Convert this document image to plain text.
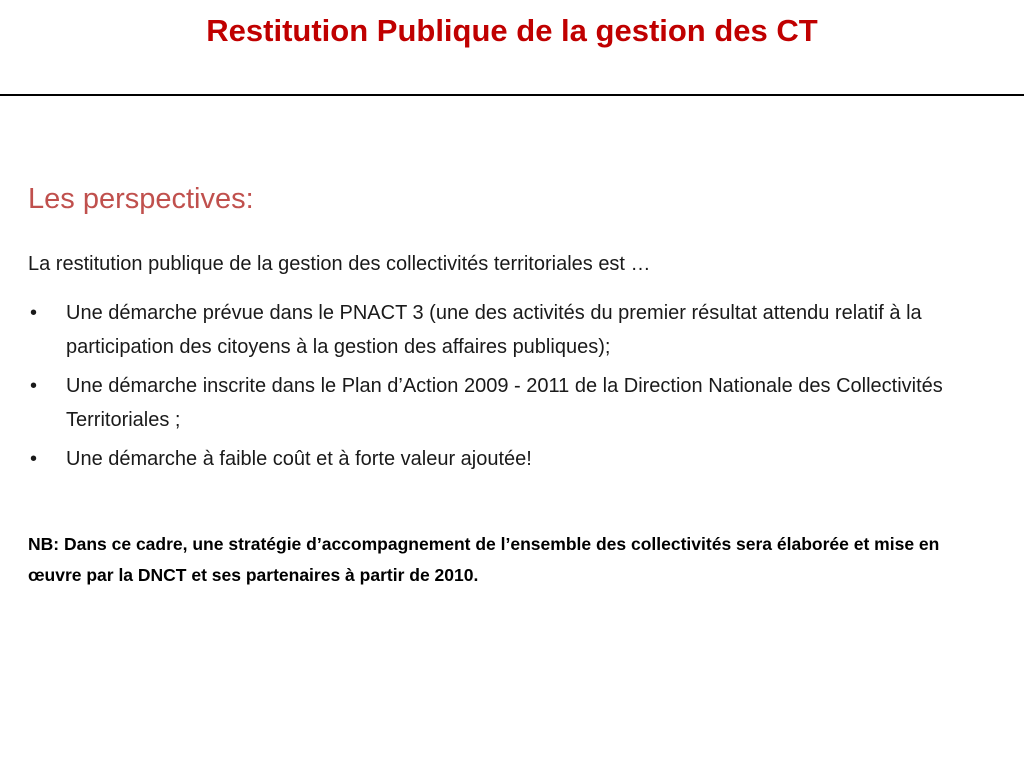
Restitution Publique de la gestion des CT
Les perspectives:

La restitution publique de la gestion des collectivités territoriales est …

• Une démarche prévue dans le PNACT 3 (une des activités du premier résultat attendu relatif à la participation des citoyens à la gestion des affaires publiques);
• Une démarche inscrite dans le Plan d’Action 2009 - 2011 de la Direction Nationale des Collectivités Territoriales ;
• Une démarche à faible coût et à forte valeur ajoutée!

NB: Dans ce cadre, une stratégie d’accompagnement de l’ensemble des collectivités sera élaborée et mise en œuvre par la DNCT et ses partenaires à partir de 2010.
